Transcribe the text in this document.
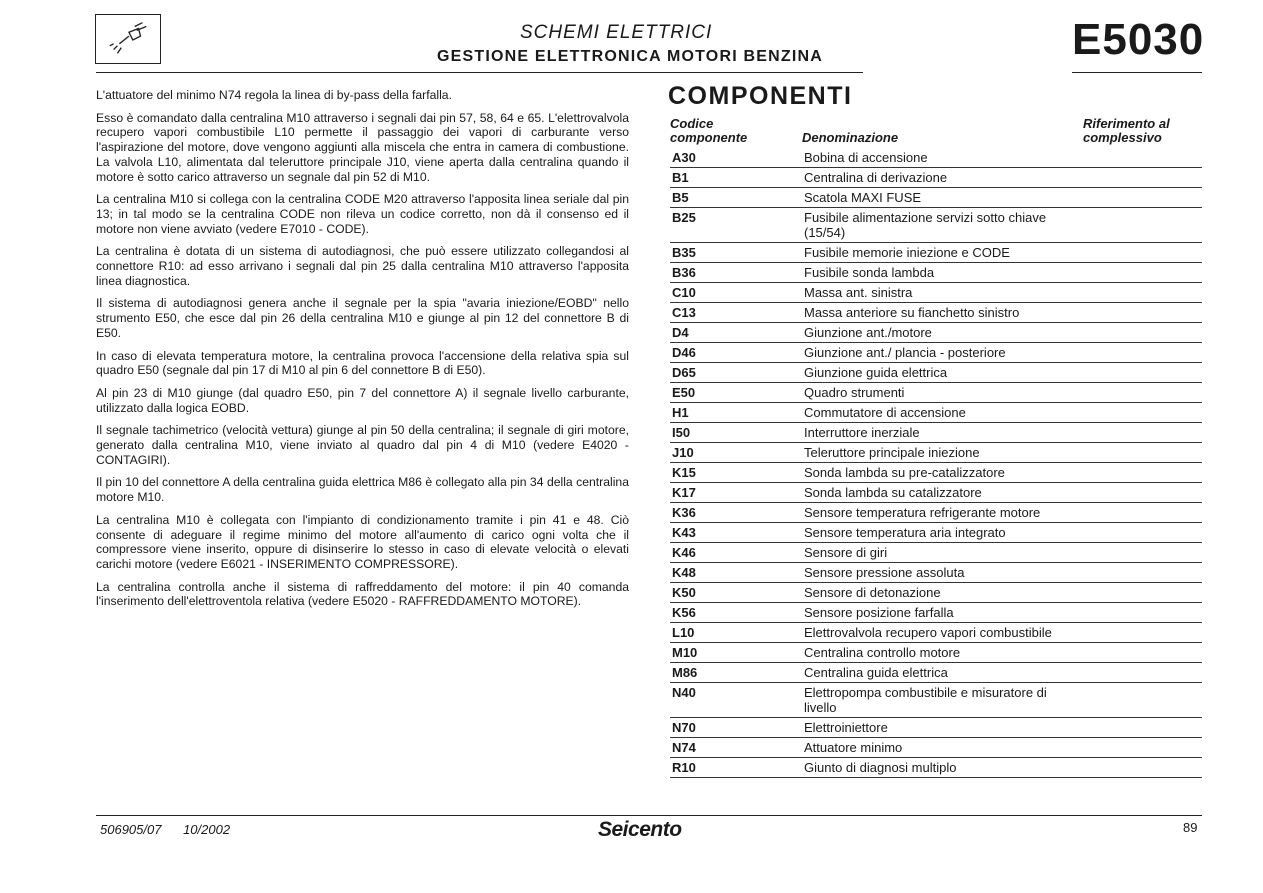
SCHEMI ELETTRICI
GESTIONE ELETTRONICA MOTORI BENZINA	E5030

L'attuatore del minimo N74 regola la linea di by-pass della farfalla.

Esso è comandato dalla centralina M10 attraverso i segnali dai pin 57, 58, 64 e 65. L'elettrovalvola recupero vapori combustibile L10 permette il passaggio dei vapori di carburante verso l'aspirazione del motore, dove vengono aggiunti alla miscela che entra in camera di combustione. La valvola L10, alimentata dal teleruttore principale J10, viene aperta dalla centralina quando il motore è sotto carico attraverso un segnale dal pin 52 di M10.

La centralina M10 si collega con la centralina CODE M20 attraverso l'apposita linea seriale dal pin 13; in tal modo se la centralina CODE non rileva un codice corretto, non dà il consenso ed il motore non viene avviato (vedere E7010 - CODE).

La centralina è dotata di un sistema di autodiagnosi, che può essere utilizzato collegandosi al connettore R10: ad esso arrivano i segnali dal pin 25 dalla centralina M10 attraverso l'apposita linea diagnostica.

Il sistema di autodiagnosi genera anche il segnale per la spia "avaria iniezione/EOBD" nello strumento E50, che esce dal pin 26 della centralina M10 e giunge al pin 12 del connettore B di E50.

In caso di elevata temperatura motore, la centralina provoca l'accensione della relativa spia sul quadro E50 (segnale dal pin 17 di M10 al pin 6 del connettore B di E50).

Al pin 23 di M10 giunge (dal quadro E50, pin 7 del connettore A) il segnale livello carburante, utilizzato dalla logica EOBD.

Il segnale tachimetrico (velocità vettura) giunge al pin 50 della centralina; il segnale di giri motore, generato dalla centralina M10, viene inviato al quadro dal pin 4 di M10 (vedere E4020 - CONTAGIRI).

Il pin 10 del connettore A della centralina guida elettrica M86 è collegato alla pin 34 della centralina motore M10.

La centralina M10 è collegata con l'impianto di condizionamento tramite i pin 41 e 48. Ciò consente di adeguare il regime minimo del motore all'aumento di carico ogni volta che il compressore viene inserito, oppure di disinserire lo stesso in caso di elevate velocità o elevati carichi motore (vedere E6021 - INSERIMENTO COMPRESSORE).

La centralina controlla anche il sistema di raffreddamento del motore: il pin 40 comanda l'inserimento dell'elettroventola relativa (vedere E5020 - RAFFREDDAMENTO MOTORE).

COMPONENTI
Codice componente	Denominazione
Riferimento al complessivo
A30	Bobina di accensione
B1	Centralina di derivazione
B5	Scatola MAXI FUSE
B25	Fusibile alimentazione servizi sotto chiave (15/54)
B35	Fusibile memorie iniezione e CODE
B36	Fusibile sonda lambda
C10	Massa ant. sinistra
C13	Massa anteriore su fianchetto sinistro
D4	Giunzione ant./motore
D46	Giunzione ant./ plancia - posteriore
D65	Giunzione guida elettrica
E50	Quadro strumenti
H1	Commutatore di accensione
I50	Interruttore inerziale
J10	Teleruttore principale iniezione
K15	Sonda lambda su pre-catalizzatore
K17	Sonda lambda su catalizzatore
K36	Sensore temperatura refrigerante motore
K43	Sensore temperatura aria integrato
K46	Sensore di giri
K48	Sensore pressione assoluta
K50	Sensore di detonazione
K56	Sensore posizione farfalla
L10	Elettrovalvola recupero vapori combustibile
M10	Centralina controllo motore
M86	Centralina guida elettrica
N40	Elettropompa combustibile e misuratore di livello
N70	Elettroiniettore
N74	Attuatore minimo
R10	Giunto di diagnosi multiplo
506905/07 10/2002	Seicento	89
